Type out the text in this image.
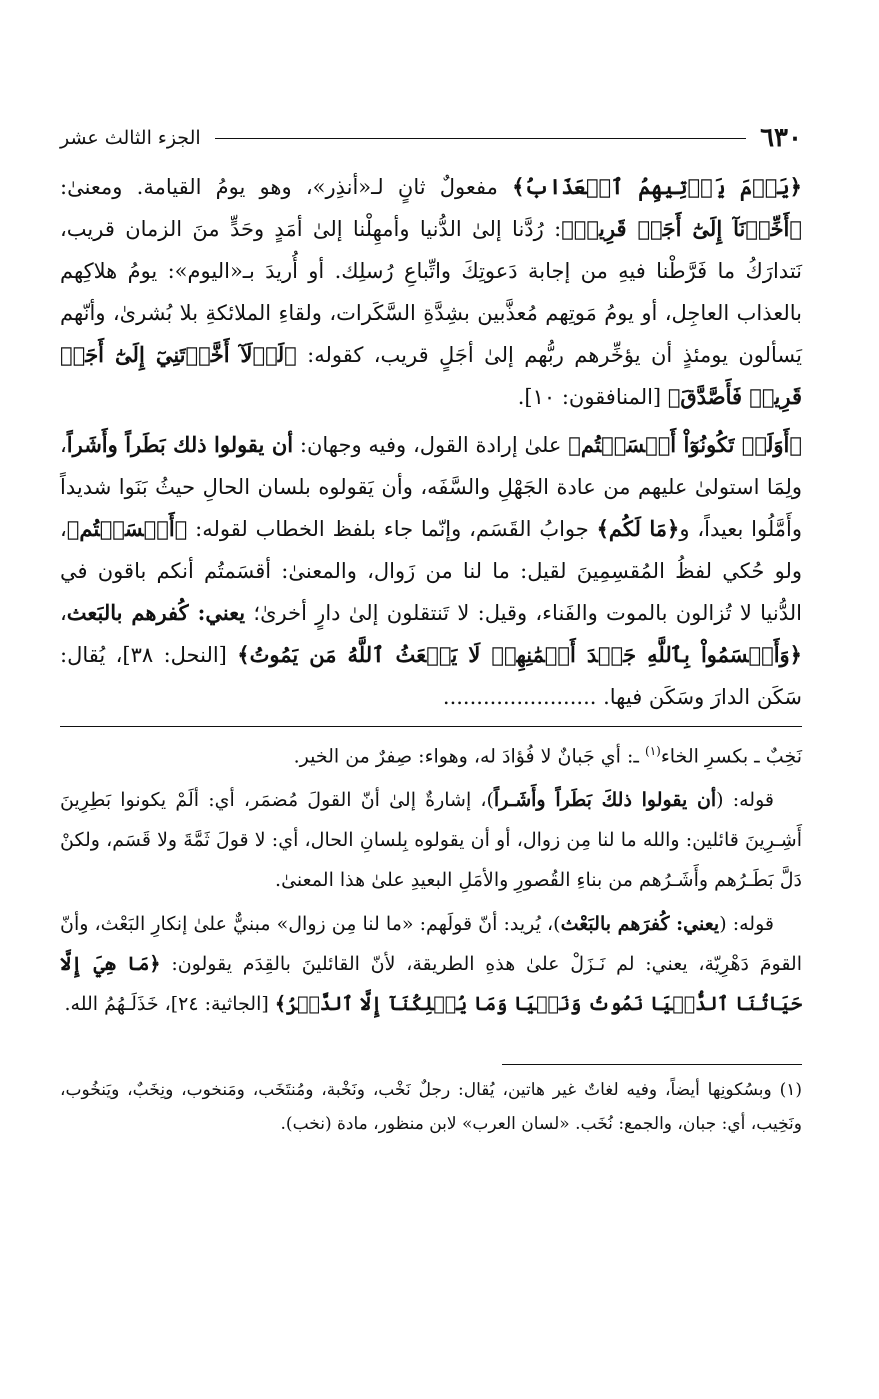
٦٣٠
الجزء الثالث عشر

﴿يَوۡمَ يَأۡتِيهِمُ ٱلۡعَذَابُ﴾ مفعولٌ ثانٍ لـ«أنذِر»، وهو يومُ القيامة. ومعنىٰ: ﴿أَخِّرۡنَآ إِلَىٰٓ أَجَلٖ قَرِيبٖ﴾: رُدَّنا إلىٰ الدُّنيا وأمهِلْنا إلىٰ أمَدٍ وحَدٍّ منَ الزمان قريب، نَتدارَكُ ما فَرَّطْنا فيهِ من إجابة دَعوتِكَ واتِّباعِ رُسلِك. أو أُريدَ بـ«اليوم»: يومُ هلاكِهم بالعذاب العاجِل، أو يومُ مَوتِهم مُعذَّبين بشِدَّةِ السَّكَرات، ولقاءِ الملائكةِ بلا بُشرىٰ، وأنّهم يَسألون يومئذٍ أن يؤخِّرهم ربُّهم إلىٰ أجَلٍ قريب، كقوله: ﴿لَوۡلَآ أَخَّرۡتَنِيٓ إِلَىٰٓ أَجَلٖ قَرِيبٖ فَأَصَّدَّقَ﴾ [المنافقون: ١٠].

﴿أَوَلَمۡ تَكُونُوٓاْ أَقۡسَمۡتُم﴾ علىٰ إرادة القول، وفيه وجهان: أن يقولوا ذلك بَطَراً وأَشَراً، ولِمَا استولىٰ عليهم من عادة الجَهْلِ والسَّفَه، وأن يَقولوه بلسان الحالِ حيثُ بَنَوا شديداً وأَمَّلُوا بعيداً، و﴿مَا لَكُم﴾ جوابُ القَسَم، وإنّما جاء بلفظ الخطاب لقوله: ﴿أَقۡسَمۡتُم﴾، ولو حُكي لفظُ المُقسِمِينَ لقيل: ما لنا من زَوال، والمعنىٰ: أقسَمتُم أنكم باقون في الدُّنيا لا تُزالون بالموت والفَناء، وقيل: لا تَنتقلون إلىٰ دارٍ أخرىٰ؛ يعني: كُفرهم بالبَعث، ﴿وَأَقۡسَمُواْ بِٱللَّهِ جَهۡدَ أَيۡمَٰنِهِمۡ لَا يَبۡعَثُ ٱللَّهُ مَن يَمُوتُ﴾ [النحل: ٣٨]، يُقال: سَكَن الدارَ وسَكَن فيها. .......................

نَخِبٌ ـ بكسرِ الخاء$^{(١)}$ ـ: أي جَبانٌ لا فُؤادَ له، وهواء: صِفرٌ من الخير.

قوله: (أن يقولوا ذلكَ بَطَراً وأَشَـراً)، إشارةٌ إلىٰ أنّ القولَ مُضمَر، أي: ألَمْ يكونوا بَطِرِينَ أَشِـرِينَ قائلين: والله ما لنا مِن زوال، أو أن يقولوه بِلسانِ الحال، أي: لا قولَ ثَمَّةَ ولا قَسَم، ولكنْ دَلَّ بَطَـرُهم وأَشَـرُهم من بناءِ القُصورِ والأمَلِ البعيدِ علىٰ هذا المعنىٰ.

قوله: (يعني: كُفرَهم بالبَعْث)، يُريد: أنّ قولَهم: «ما لنا مِن زوال» مبنيٌّ علىٰ إنكارِ البَعْث، وأنّ القومَ دَهْرِيّة، يعني: لم نَـزَلْ علىٰ هذهِ الطريقة، لأنّ القائلينَ بالقِدَم يقولون: ﴿مَا هِيَ إِلَّا حَيَاتُنَا ٱلدُّنۡيَا نَمُوتُ وَنَحۡيَا وَمَا يُهۡلِكُنَآ إِلَّا ٱلدَّهۡرُ﴾ [الجاثية: ٢٤]، خَذَلَـهُمُ الله.

(١) وبسُكونِها أيضاً، وفيه لغاتٌ غير هاتين، يُقال: رجلٌ نَخْب، ونَخْبة، ومُنتَخَب، ومَنخوب، ونِخَبٌ، ويَنخُوب، ونَخِيب، أي: جبان، والجمع: نُخَب. «لسان العرب» لابن منظور، مادة (نخب).
